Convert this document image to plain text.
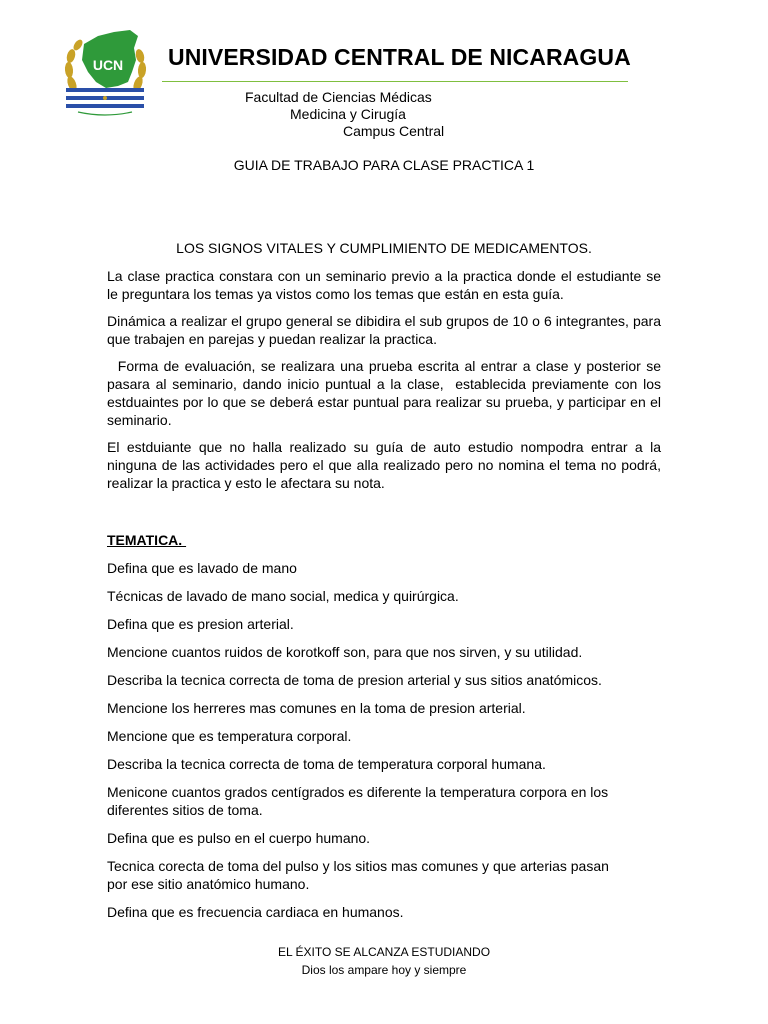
UCN UNIVERSIDAD CENTRAL DE NICARAGUA
Facultad de Ciencias Médicas
Medicina y Cirugía
Campus Central
GUIA DE TRABAJO PARA CLASE PRACTICA 1
LOS SIGNOS VITALES Y CUMPLIMIENTO DE MEDICAMENTOS.

La clase practica constara con un seminario previo a la practica donde el estudiante se le preguntara los temas ya vistos como los temas que están en esta guía.

Dinámica a realizar el grupo general se dibidira el sub grupos de 10 o 6 integrantes, para que trabajen en parejas y puedan realizar la practica.

Forma de evaluación, se realizara una prueba escrita al entrar a clase y posterior se pasara al seminario, dando inicio puntual a la clase,  establecida previamente con los estduaintes por lo que se deberá estar puntual para realizar su prueba, y participar en el seminario.

El estduiante que no halla realizado su guía de auto estudio nompodra entrar a la ninguna de las actividades pero el que alla realizado pero no nomina el tema no podrá, realizar la practica y esto le afectara su nota.

TEMATICA.
Defina que es lavado de mano
Técnicas de lavado de mano social, medica y quirúrgica.
Defina que es presion arterial.
Mencione cuantos ruidos de korotkoff son, para que nos sirven, y su utilidad.
Describa la tecnica correcta de toma de presion arterial y sus sitios anatómicos.
Mencione los herreres mas comunes en la toma de presion arterial.
Mencione que es temperatura corporal.
Describa la tecnica correcta de toma de temperatura corporal humana.
Menicone cuantos grados centígrados es diferente la temperatura corpora en los diferentes sitios de toma.
Defina que es pulso en el cuerpo humano.
Tecnica corecta de toma del pulso y los sitios mas comunes y que arterias pasan por ese sitio anatómico humano.
Defina que es frecuencia cardiaca en humanos.
EL ÉXITO SE ALCANZA ESTUDIANDO
Dios los ampare hoy y siempre
